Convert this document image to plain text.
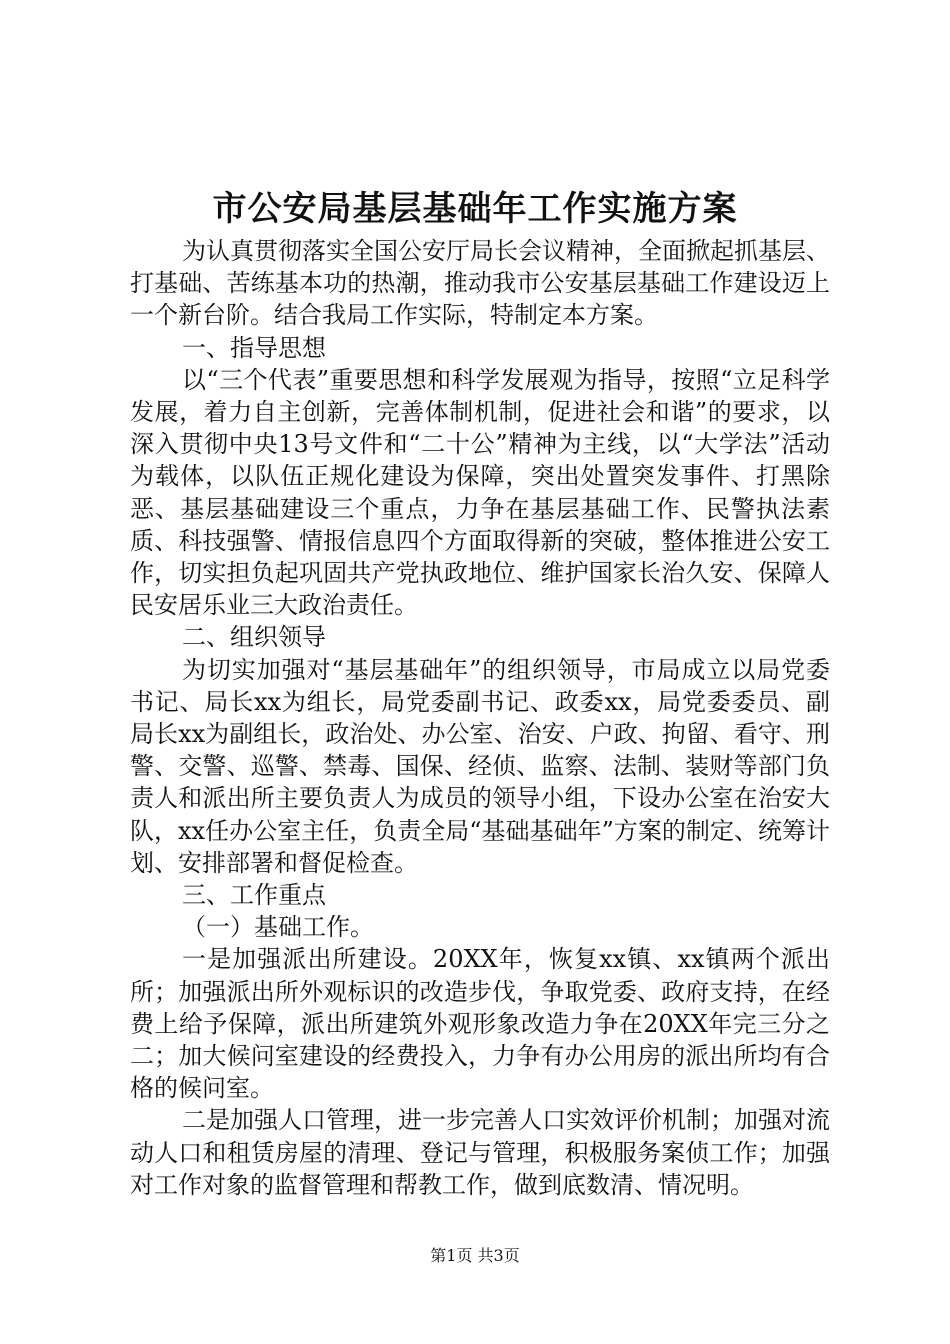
市公安局基层基础年工作实施方案

为认真贯彻落实全国公安厅局长会议精神，全面掀起抓基层、打基础、苦练基本功的热潮，推动我市公安基层基础工作建设迈上一个新台阶。结合我局工作实际，特制定本方案。

一、指导思想

以“三个代表”重要思想和科学发展观为指导，按照“立足科学发展，着力自主创新，完善体制机制，促进社会和谐”的要求，以深入贯彻中央13号文件和“二十公”精神为主线，以“大学法”活动为载体，以队伍正规化建设为保障，突出处置突发事件、打黑除恶、基层基础建设三个重点，力争在基层基础工作、民警执法素质、科技强警、情报信息四个方面取得新的突破，整体推进公安工作，切实担负起巩固共产党执政地位、维护国家长治久安、保障人民安居乐业三大政治责任。

二、组织领导

为切实加强对“基层基础年”的组织领导，市局成立以局党委书记、局长xx为组长，局党委副书记、政委xx，局党委委员、副局长xx为副组长，政治处、办公室、治安、户政、拘留、看守、刑警、交警、巡警、禁毒、国保、经侦、监察、法制、装财等部门负责人和派出所主要负责人为成员的领导小组，下设办公室在治安大队，xx任办公室主任，负责全局“基础基础年”方案的制定、统筹计划、安排部署和督促检查。

三、工作重点

（一）基础工作。

一是加强派出所建设。20XX年，恢复xx镇、xx镇两个派出所；加强派出所外观标识的改造步伐，争取党委、政府支持，在经费上给予保障，派出所建筑外观形象改造力争在20XX年完三分之二；加大候问室建设的经费投入，力争有办公用房的派出所均有合格的候问室。

二是加强人口管理，进一步完善人口实效评价机制；加强对流动人口和租赁房屋的清理、登记与管理，积极服务案侦工作；加强对工作对象的监督管理和帮教工作，做到底数清、情况明。

第1页 共3页
